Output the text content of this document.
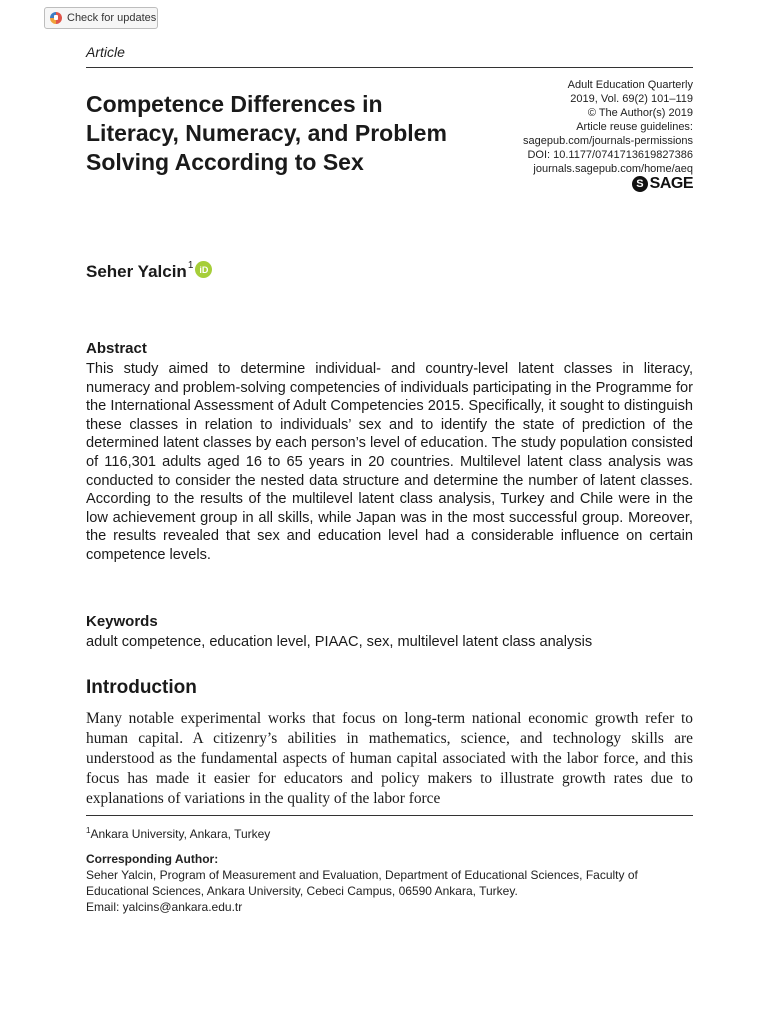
Check for updates
Article
Competence Differences in Literacy, Numeracy, and Problem Solving According to Sex
Adult Education Quarterly
2019, Vol. 69(2) 101–119
© The Author(s) 2019
Article reuse guidelines:
sagepub.com/journals-permissions
DOI: 10.1177/0741713619827386
journals.sagepub.com/home/aeq
S SAGE
Seher Yalcin$^1$ iD
Abstract
This study aimed to determine individual- and country-level latent classes in literacy, numeracy and problem-solving competencies of individuals participating in the Programme for the International Assessment of Adult Competencies 2015. Specifically, it sought to distinguish these classes in relation to individuals’ sex and to identify the state of prediction of the determined latent classes by each person’s level of education. The study population consisted of 116,301 adults aged 16 to 65 years in 20 countries. Multilevel latent class analysis was conducted to consider the nested data structure and determine the number of latent classes. According to the results of the multilevel latent class analysis, Turkey and Chile were in the low achievement group in all skills, while Japan was in the most successful group. Moreover, the results revealed that sex and education level had a considerable influence on certain competence levels.
Keywords
adult competence, education level, PIAAC, sex, multilevel latent class analysis
Introduction
Many notable experimental works that focus on long-term national economic growth refer to human capital. A citizenry’s abilities in mathematics, science, and technology skills are understood as the fundamental aspects of human capital associated with the labor force, and this focus has made it easier for educators and policy makers to illustrate growth rates due to explanations of variations in the quality of the labor force
$^1$Ankara University, Ankara, Turkey
Corresponding Author:
Seher Yalcin, Program of Measurement and Evaluation, Department of Educational Sciences, Faculty of Educational Sciences, Ankara University, Cebeci Campus, 06590 Ankara, Turkey.
Email: yalcins@ankara.edu.tr
